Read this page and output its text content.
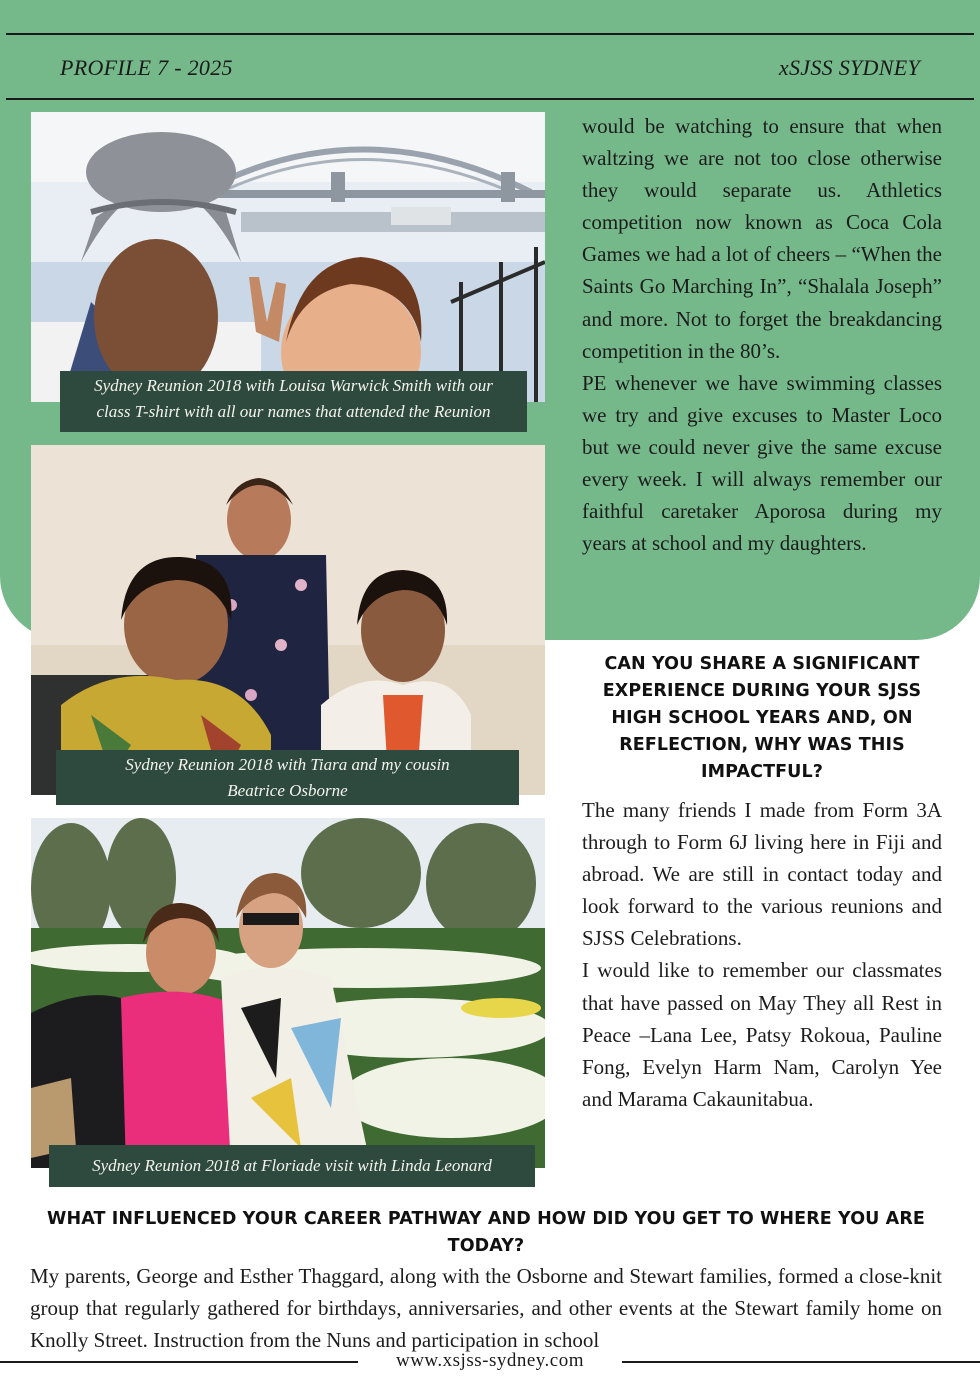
PROFILE 7 - 2025	xSJSS SYDNEY
Sydney Reunion 2018 with Louisa Warwick Smith with our
class T-shirt with all our names that attended the Reunion
Sydney Reunion 2018 with Tiara and my cousin
Beatrice Osborne
Sydney Reunion 2018 at Floriade visit with Linda Leonard

would be watching to ensure that when waltzing we are not too close otherwise they would separate us. Athletics competition now known as Coca Cola Games we had a lot of cheers – “When the Saints Go Marching In”, “Shalala Joseph” and more. Not to forget the breakdancing competition in the 80’s.

PE whenever we have swimming classes we try and give excuses to Master Loco but we could never give the same excuse every week. I will always remember our faithful caretaker Aporosa during my years at school and my daughters.

CAN YOU SHARE A SIGNIFICANT EXPERIENCE DURING YOUR SJSS HIGH SCHOOL YEARS AND, ON REFLECTION, WHY WAS THIS IMPACTFUL?

The many friends I made from Form 3A through to Form 6J living here in Fiji and abroad. We are still in contact today and look forward to the various reunions and SJSS Celebrations.

I would like to remember our classmates that have passed on May They all Rest in Peace –Lana Lee, Patsy Rokoua, Pauline Fong, Evelyn Harm Nam, Carolyn Yee and Marama Cakaunitabua.

WHAT INFLUENCED YOUR CAREER PATHWAY AND HOW DID YOU GET TO WHERE YOU ARE TODAY?

My parents, George and Esther Thaggard, along with the Osborne and Stewart families, formed a close-knit group that regularly gathered for birthdays, anniversaries, and other events at the Stewart family home on Knolly Street. Instruction from the Nuns and participation in school

www.xsjss-sydney.com
